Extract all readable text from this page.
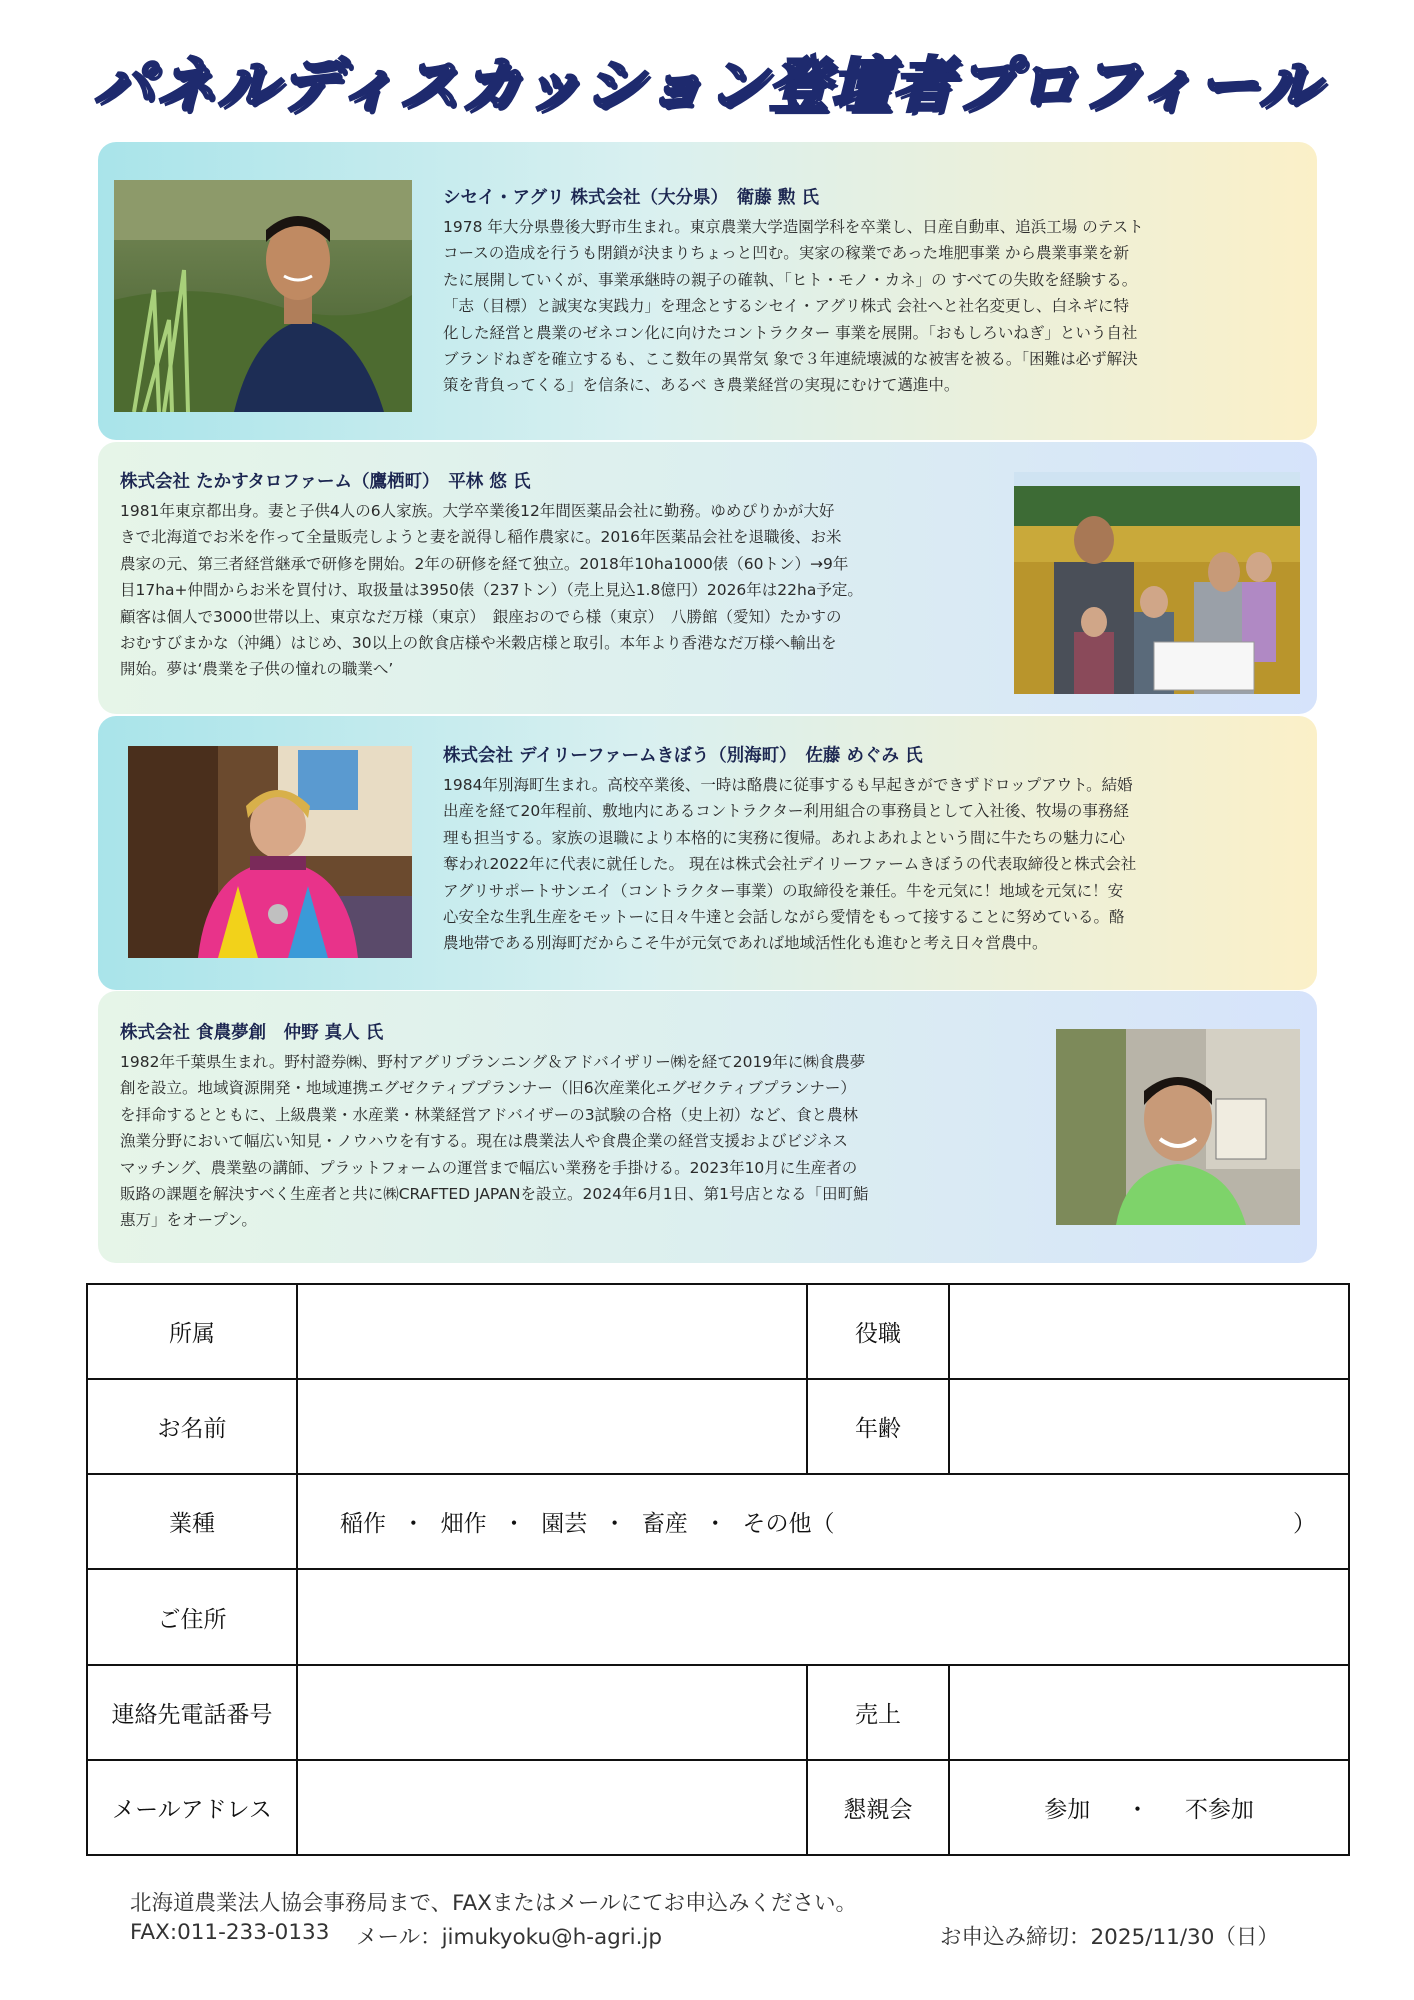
パネルディスカッション登壇者プロフィール
シセイ・アグリ 株式会社（大分県）　衛藤 勲 氏
1978 年大分県豊後大野市生まれ。東京農業大学造園学科を卒業し、日産自動車、追浜工場 のテスト
コースの造成を行うも閉鎖が決まりちょっと凹む。実家の稼業であった堆肥事業 から農業事業を新
たに展開していくが、事業承継時の親子の確執、「ヒト・モノ・カネ」の すべての失敗を経験する。
「志（目標）と誠実な実践力」を理念とするシセイ・アグリ株式 会社へと社名変更し、白ネギに特
化した経営と農業のゼネコン化に向けたコントラクター 事業を展開。「おもしろいねぎ」という自社
ブランドねぎを確立するも、ここ数年の異常気 象で３年連続壊滅的な被害を被る。「困難は必ず解決
策を背負ってくる」を信条に、あるべ き農業経営の実現にむけて邁進中。
株式会社 たかすタロファーム（鷹栖町）　平林 悠 氏
1981年東京都出身。妻と子供4人の6人家族。大学卒業後12年間医薬品会社に勤務。ゆめぴりかが大好
きで北海道でお米を作って全量販売しようと妻を説得し稲作農家に。2016年医薬品会社を退職後、お米
農家の元、第三者経営継承で研修を開始。2年の研修を経て独立。2018年10ha1000俵（60トン）→9年
目17ha+仲間からお米を買付け、取扱量は3950俵（237トン）（売上見込1.8億円）2026年は22ha予定。
顧客は個人で3000世帯以上、東京なだ万様（東京）　銀座おのでら様（東京）　八勝館（愛知）たかすの
おむすびまかな（沖縄）はじめ、30以上の飲食店様や米穀店様と取引。本年より香港なだ万様へ輸出を
開始。夢は‘農業を子供の憧れの職業へ’
株式会社 デイリーファームきぼう（別海町）　佐藤 めぐみ 氏
1984年別海町生まれ。高校卒業後、一時は酪農に従事するも早起きができずドロップアウト。結婚
出産を経て20年程前、敷地内にあるコントラクター利用組合の事務員として入社後、牧場の事務経
理も担当する。家族の退職により本格的に実務に復帰。あれよあれよという間に牛たちの魅力に心
奪われ2022年に代表に就任した。 現在は株式会社デイリーファームきぼうの代表取締役と株式会社
アグリサポートサンエイ（コントラクター事業）の取締役を兼任。牛を元気に！地域を元気に！安
心安全な生乳生産をモットーに日々牛達と会話しながら愛情をもって接することに努めている。酪
農地帯である別海町だからこそ牛が元気であれば地域活性化も進むと考え日々営農中。
株式会社 食農夢創　仲野 真人 氏
1982年千葉県生まれ。野村證券㈱、野村アグリプランニング＆アドバイザリー㈱を経て2019年に㈱食農夢
創を設立。地域資源開発・地域連携エグゼクティブプランナー（旧6次産業化エグゼクティブプランナー）
を拝命するとともに、上級農業・水産業・林業経営アドバイザーの3試験の合格（史上初）など、食と農林
漁業分野において幅広い知見・ノウハウを有する。現在は農業法人や食農企業の経営支援およびビジネス
マッチング、農業塾の講師、プラットフォームの運営まで幅広い業務を手掛ける。2023年10月に生産者の
販路の課題を解決すべく生産者と共に㈱CRAFTED JAPANを設立。2024年6月1日、第1号店となる「田町鮨
惠万」をオープン。
所属		役職	
お名前		年齢	
業種	稲作 ・ 畑作 ・ 園芸 ・ 畜産 ・ その他（ ）		

ご住所			
連絡先電話番号		売上	
メールアドレス		懇親会	参加 ・ 不参加
北海道農業法人協会事務局まで、FAXまたはメールにてお申込みください。
FAX:011-233-0133 メール：jimukyoku@h-agri.jp	お申込み締切：2025/11/30（日）
